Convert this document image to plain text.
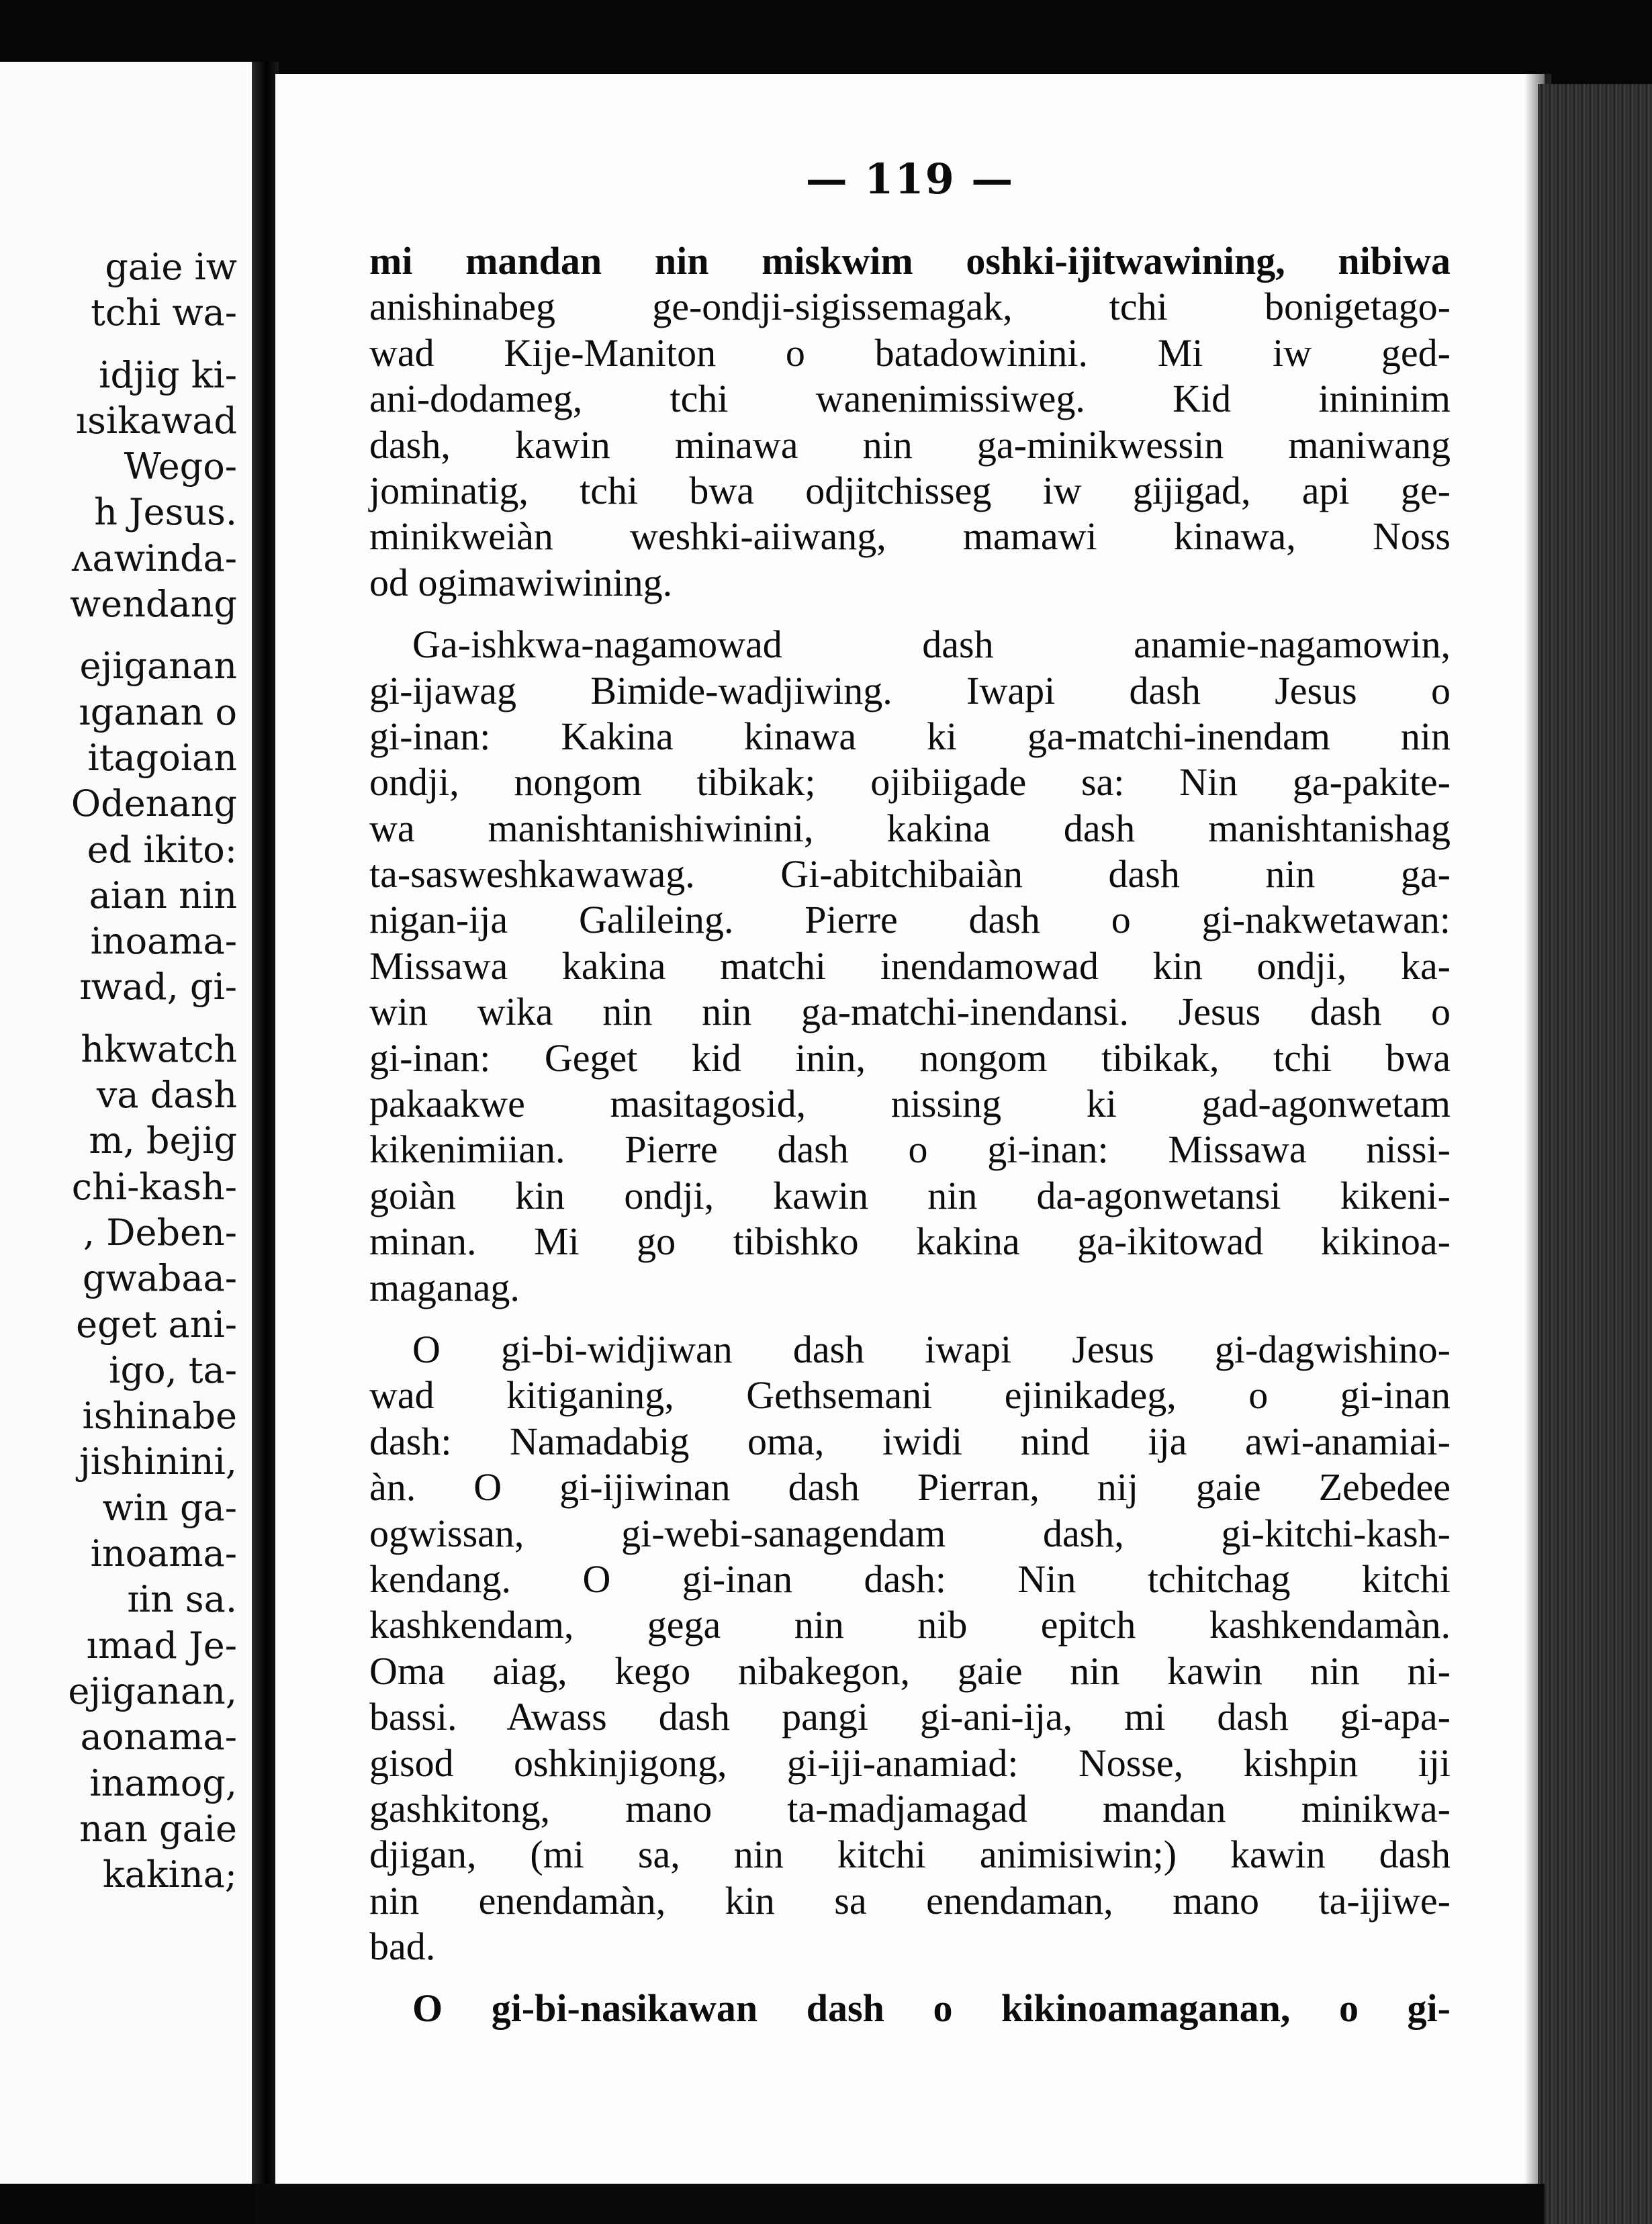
gaie iw
tchi wa-
idjig ki-
ısikawad
Wego-
h Jesus.
ʌawinda-
wendang
ejiganan
ıganan o
itagoian
Odenang
ed ikito:
aian nin
inoama-
ɪwad, gi-
hkwatch
va dash
m, bejig
chi-kash-
, Deben-
gwabaa-
eget ani-
igo, ta-
ishinabe
jishinini,
win ga-
inoama-
ɪin sa.
ımad Je-
ejiganan,
aonama-
inamog,
nan gaie
kakina;
— 119 —
mi mandan nin miskwim oshki-ijitwawining, nibiwa
anishinabeg ge-ondji-sigissemagak, tchi bonigetago-
wad Kije-Maniton o batadowinini. Mi iw ged-
ani-dodameg, tchi wanenimissiweg. Kid inininim
dash, kawin minawa nin ga-minikwessin maniwang
jominatig, tchi bwa odjitchisseg iw gijigad, api ge-
minikweiàn weshki-aiiwang, mamawi kinawa, Noss
od ogimawiwining.
Ga-ishkwa-nagamowad dash anamie-nagamowin,
gi-ijawag Bimide-wadjiwing. Iwapi dash Jesus o
gi-inan: Kakina kinawa ki ga-matchi-inendam nin
ondji, nongom tibikak; ojibiigade sa: Nin ga-pakite-
wa manishtanishiwinini, kakina dash manishtanishag
ta-sasweshkawawag. Gi-abitchibaiàn dash nin ga-
nigan-ija Galileing. Pierre dash o gi-nakwetawan:
Missawa kakina matchi inendamowad kin ondji, ka-
win wika nin nin ga-matchi-inendansi. Jesus dash o
gi-inan: Geget kid inin, nongom tibikak, tchi bwa
pakaakwe masitagosid, nissing ki gad-agonwetam
kikenimiian. Pierre dash o gi-inan: Missawa nissi-
goiàn kin ondji, kawin nin da-agonwetansi kikeni-
minan. Mi go tibishko kakina ga-ikitowad kikinoa-
maganag.
O gi-bi-widjiwan dash iwapi Jesus gi-dagwishino-
wad kitiganing, Gethsemani ejinikadeg, o gi-inan
dash: Namadabig oma, iwidi nind ija awi-anamiai-
àn. O gi-ijiwinan dash Pierran, nij gaie Zebedee
ogwissan, gi-webi-sanagendam dash, gi-kitchi-kash-
kendang. O gi-inan dash: Nin tchitchag kitchi
kashkendam, gega nin nib epitch kashkendamàn.
Oma aiag, kego nibakegon, gaie nin kawin nin ni-
bassi. Awass dash pangi gi-ani-ija, mi dash gi-apa-
gisod oshkinjigong, gi-iji-anamiad: Nosse, kishpin iji
gashkitong, mano ta-madjamagad mandan minikwa-
djigan, (mi sa, nin kitchi animisiwin;) kawin dash
nin enendamàn, kin sa enendaman, mano ta-ijiwe-
bad.
O gi-bi-nasikawan dash o kikinoamaganan, o gi-
